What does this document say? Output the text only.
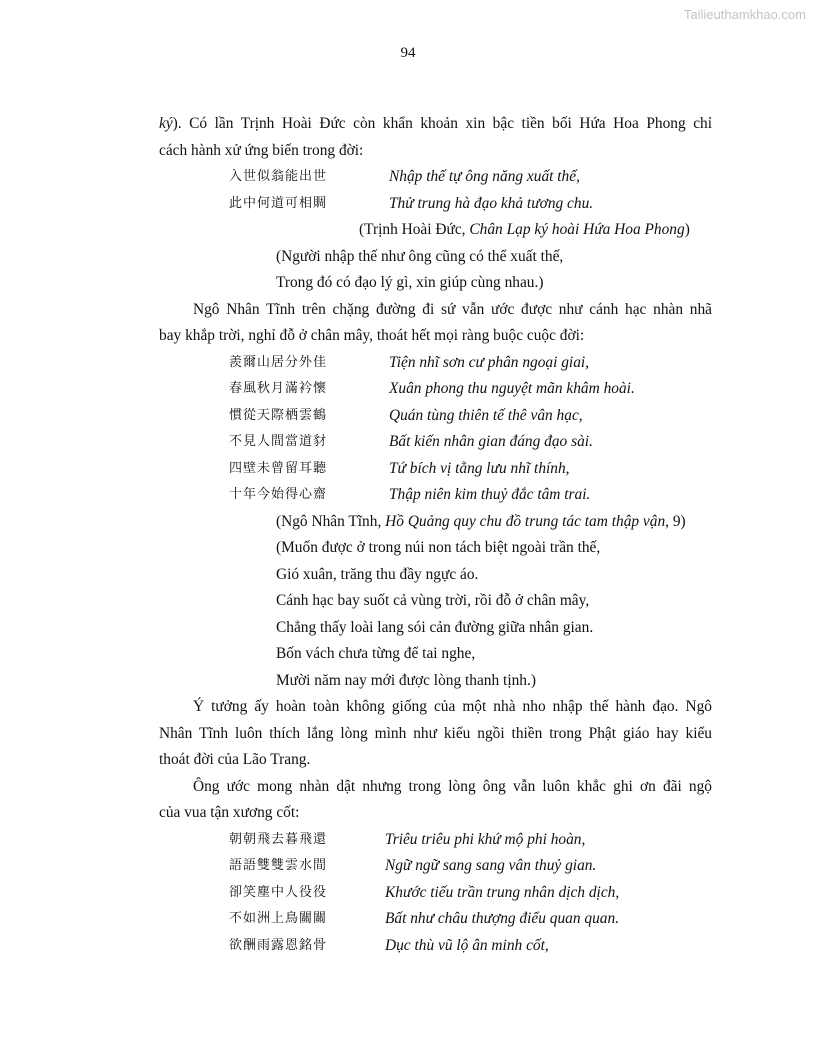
Tailieuthamkhao.com
94
ký). Có lần Trịnh Hoài Đức còn khẩn khoản xin bậc tiền bối Hứa Hoa Phong chỉ
cách hành xử ứng biến trong đời:
入世似翁能出世	Nhập thế tự ông năng xuất thế,
此中何道可相賙	Thử trung hà đạo khả tương chu.
(Trịnh Hoài Đức, Chân Lạp ký hoài Hứa Hoa Phong)
(Người nhập thế như ông cũng có thể xuất thế,
Trong đó có đạo lý gì, xin giúp cùng nhau.)
Ngô Nhân Tĩnh trên chặng đường đi sứ vẫn ước được như cánh hạc nhàn nhã
bay khắp trời, nghỉ đỗ ở chân mây, thoát hết mọi ràng buộc cuộc đời:
羨爾山居分外佳	Tiện nhĩ sơn cư phân ngoại giai,
春風秋月滿衿懷	Xuân phong thu nguyệt mãn khâm hoài.
慣從天際栖雲鶴	Quán tùng thiên tế thê vân hạc,
不見人間當道豺	Bất kiến nhân gian đáng đạo sài.
四壁未曾留耳聽	Tứ bích vị tằng lưu nhĩ thính,
十年今始得心齋	Thập niên kim thuỷ đắc tâm trai.
(Ngô Nhân Tĩnh, Hồ Quảng quy chu đồ trung tác tam thập vận, 9)
(Muốn được ở trong núi non tách biệt ngoài trần thế,
Gió xuân, trăng thu đầy ngực áo.
Cánh hạc bay suốt cả vùng trời, rồi đỗ ở chân mây,
Chẳng thấy loài lang sói cản đường giữa nhân gian.
Bốn vách chưa từng để tai nghe,
Mười năm nay mới được lòng thanh tịnh.)
Ý tưởng ấy hoàn toàn không giống của một nhà nho nhập thế hành đạo. Ngô
Nhân Tĩnh luôn thích lắng lòng mình như kiểu ngồi thiền trong Phật giáo hay kiểu
thoát đời của Lão Trang.
Ông ước mong nhàn dật nhưng trong lòng ông vẫn luôn khắc ghi ơn đãi ngộ
của vua tận xương cốt:
朝朝飛去暮飛還	Triêu triêu phi khứ mộ phi hoàn,
語語雙雙雲水間	Ngữ ngữ sang sang vân thuỷ gian.
卻笑塵中人役役	Khước tiếu trần trung nhân dịch dịch,
不如洲上鳥關關	Bất như châu thượng điểu quan quan.
欲酬雨露恩銘骨	Dục thù vũ lộ ân minh cốt,
